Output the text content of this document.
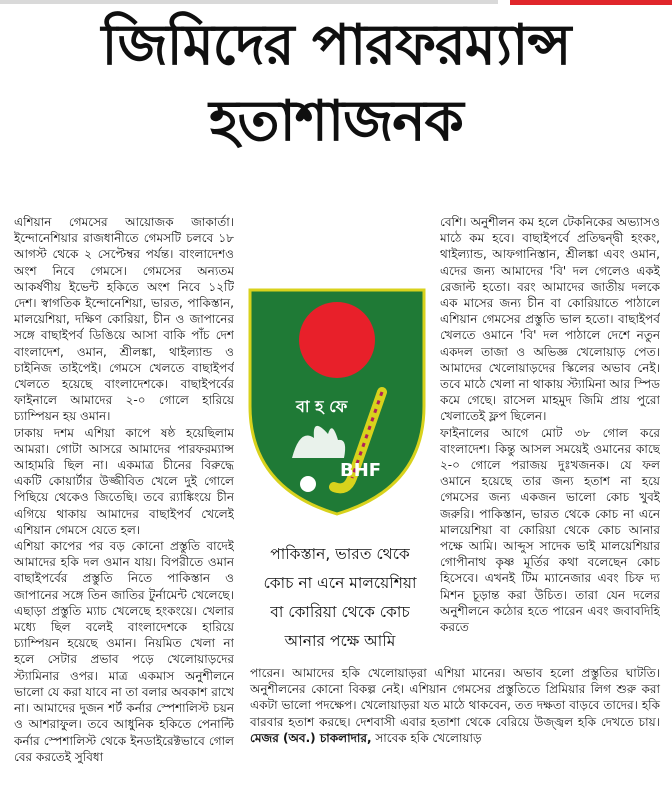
জিমিদের পারফরম্যান্স
হতাশাজনক

এশিয়ান গেমসের আয়োজক জাকার্তা। ইন্দোনেশিয়ার রাজধানীতে গেমসটি চলবে ১৮ আগস্ট থেকে ২ সেপ্টেম্বর পর্যন্ত। বাংলাদেশও অংশ নিবে গেমসে। গেমসের অন্যতম আকর্ষণীয় ইভেন্ট হকিতে অংশ নিবে ১২টি দেশ। স্বাগতিক ইন্দোনেশিয়া, ভারত, পাকিস্তান, মালয়েশিয়া, দক্ষিণ কোরিয়া, চীন ও জাপানের সঙ্গে বাছাইপর্ব ডিঙিয়ে আসা বাকি পাঁচ দেশ বাংলাদেশ, ওমান, শ্রীলঙ্কা, থাইল্যান্ড ও চাইনিজ তাইপেই। গেমসে খেলতে বাছাইপর্ব খেলতে হয়েছে বাংলাদেশকে। বাছাইপর্বের ফাইনালে আমাদের ২-০ গোলে হারিয়ে চ্যাম্পিয়ন হয় ওমান।

ঢাকায় দশম এশিয়া কাপে ষষ্ঠ হয়েছিলাম আমরা। গোটা আসরে আমাদের পারফরম্যান্স আহামরি ছিল না। একমাত্র চীনের বিরুদ্ধে একটি কোয়ার্টার উজ্জীবিত খেলে দুই গোলে পিছিয়ে থেকেও জিতেছি। তবে র‍্যাঙ্কিংয়ে চীন এগিয়ে থাকায় আমাদের বাছাইপর্ব খেলেই এশিয়ান গেমসে যেতে হল।

এশিয়া কাপের পর বড় কোনো প্রস্তুতি বাদেই আমাদের হকি দল ওমান যায়। বিপরীতে ওমান বাছাইপর্বের প্রস্তুতি নিতে পাকিস্তান ও জাপানের সঙ্গে তিন জাতির টুর্নামেন্ট খেলেছে। এছাড়া প্রস্তুতি ম্যাচ খেলেছে হংকংয়ে। খেলার মধ্যে ছিল বলেই বাংলাদেশকে হারিয়ে চ্যাম্পিয়ন হয়েছে ওমান। নিয়মিত খেলা না হলে সেটার প্রভাব পড়ে খেলোয়াড়দের স্ট্যামিনার ওপর। মাত্র একমাস অনুশীলনে ভালো যে করা যাবে না তা বলার অবকাশ রাখে না। আমাদের দুজন শর্ট কর্নার স্পেশালিস্ট চয়ন ও আশরাফুল। তবে আধুনিক হকিতে পেনাল্টি কর্নার স্পেশালিস্ট থেকে ইনডাইরেক্টভাবে গোল বের করতেই সুবিধা

বেশি। অনুশীলন কম হলে টেকনিকের অভ্যাসও মাঠে কম হবে। বাছাইপর্বে প্রতিদ্বন্দ্বী হংকং, থাইল্যান্ড, আফগানিস্তান, শ্রীলঙ্কা এবং ওমান, এদের জন্য আমাদের 'বি' দল গেলেও একই রেজাল্ট হতো। বরং আমাদের জাতীয় দলকে এক মাসের জন্য চীন বা কোরিয়াতে পাঠালে এশিয়ান গেমসের প্রস্তুতি ভাল হতো। বাছাইপর্ব খেলতে ওমানে 'বি' দল পাঠালে দেশে নতুন একদল তাজা ও অভিজ্ঞ খেলোয়াড় পেত। আমাদের খেলোয়াড়দের স্কিলের অভাব নেই। তবে মাঠে খেলা না থাকায় স্ট্যামিনা আর স্পিড কমে গেছে। রাসেল মাহমুদ জিমি প্রায় পুরো খেলাতেই ফ্লপ ছিলেন।

ফাইনালের আগে মোট ৩৮ গোল করে বাংলাদেশ। কিন্তু আসল সময়েই ওমানের কাছে ২-০ গোলে পরাজয় দুঃখজনক। যে ফল ওমানে হয়েছে তার জন্য হতাশ না হয়ে গেমসের জন্য একজন ভালো কোচ খুবই জরুরি। পাকিস্তান, ভারত থেকে কোচ না এনে মালয়েশিয়া বা কোরিয়া থেকে কোচ আনার পক্ষে আমি। আব্দুস সাদেক ভাই মালয়েশিয়ার গোপীনাথ কৃষ্ণ মূর্তির কথা বলেছেন কোচ হিসেবে। এখনই টিম ম্যানেজার এবং চিফ দ্য মিশন চূড়ান্ত করা উচিত। তারা যেন দলের অনুশীলনে কঠোর হতে পারেন এবং জবাবদিহি করতে

বা হ ফে
BHF
পাকিস্তান, ভারত থেকে
কোচ না এনে মালয়েশিয়া
বা কোরিয়া থেকে কোচ
আনার পক্ষে আমি
পারেন। আমাদের হকি খেলোয়াড়রা এশিয়া মানের। অভাব হলো প্রস্তুতির ঘাটতি। অনুশীলনের কোনো বিকল্প নেই। এশিয়ান গেমসের প্রস্তুতিতে প্রিমিয়ার লিগ শুরু করা একটা ভালো পদক্ষেপ। খেলোয়াড়রা যত মাঠে থাকবেন, তত দক্ষতা বাড়বে তাদের। হকি বারবার হতাশ করছে। দেশবাসী এবার হতাশা থেকে বেরিয়ে উজ্জ্বল হকি দেখতে চায়। মেজর (অব.) চাকলাদার, সাবেক হকি খেলোয়াড়
